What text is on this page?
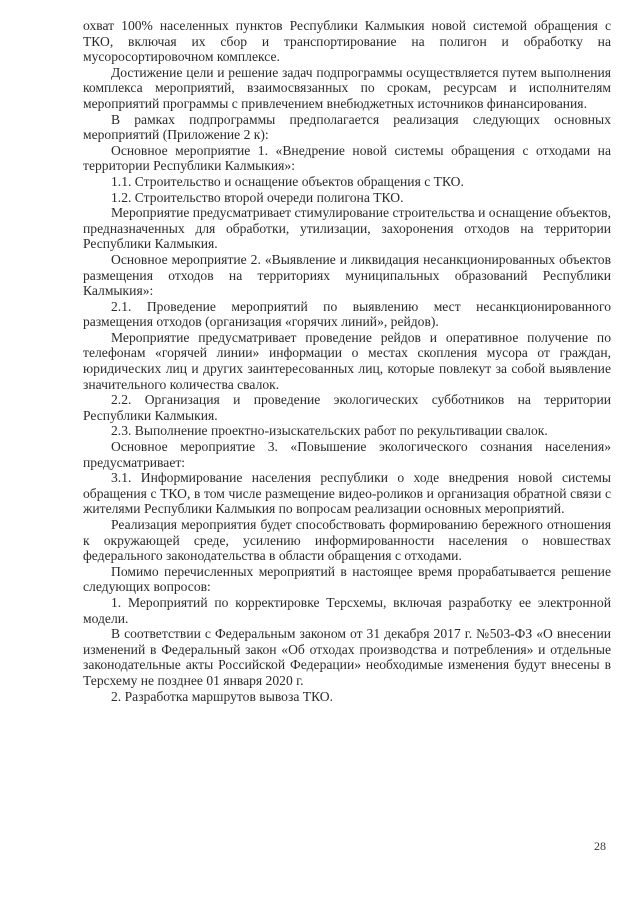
охват 100% населенных пунктов Республики Калмыкия новой системой обращения с ТКО, включая их сбор и транспортирование на полигон и обработку на мусоросортировочном комплексе.

Достижение цели и решение задач подпрограммы осуществляется путем выполнения комплекса мероприятий, взаимосвязанных по срокам, ресурсам и исполнителям мероприятий программы с привлечением внебюджетных источников финансирования.

В рамках подпрограммы предполагается реализация следующих основных мероприятий (Приложение 2 к):

Основное мероприятие 1. «Внедрение новой системы обращения с отходами на территории Республики Калмыкия»:

1.1. Строительство и оснащение объектов обращения с ТКО.

1.2. Строительство второй очереди полигона ТКО.

Мероприятие предусматривает стимулирование строительства и оснащение объектов, предназначенных для обработки, утилизации, захоронения отходов на территории Республики Калмыкия.

Основное мероприятие 2. «Выявление и ликвидация несанкционированных объектов размещения отходов на территориях муниципальных образований Республики Калмыкия»:

2.1. Проведение мероприятий по выявлению мест несанкционированного размещения отходов (организация «горячих линий», рейдов).

Мероприятие предусматривает проведение рейдов и оперативное получение по телефонам «горячей линии» информации о местах скопления мусора от граждан, юридических лиц и других заинтересованных лиц, которые повлекут за собой выявление значительного количества свалок.

2.2. Организация и проведение экологических субботников на территории Республики Калмыкия.

2.3. Выполнение проектно-изыскательских работ по рекультивации свалок.

Основное мероприятие 3. «Повышение экологического сознания населения» предусматривает:

3.1. Информирование населения республики о ходе внедрения новой системы обращения с ТКО, в том числе размещение видео-роликов и организация обратной связи с жителями Республики Калмыкия по вопросам реализации основных мероприятий.

Реализация мероприятия будет способствовать формированию бережного отношения к окружающей среде, усилению информированности населения о новшествах федерального законодательства в области обращения с отходами.

Помимо перечисленных мероприятий в настоящее время прорабатывается решение следующих вопросов:

1. Мероприятий по корректировке Терсхемы, включая разработку ее электронной модели.

В соответствии с Федеральным законом от 31 декабря 2017 г. №503-ФЗ «О внесении изменений в Федеральный закон «Об отходах производства и потребления» и отдельные законодательные акты Российской Федерации» необходимые изменения будут внесены в Терсхему не позднее 01 января 2020 г.

2. Разработка маршрутов вывоза ТКО.

28
